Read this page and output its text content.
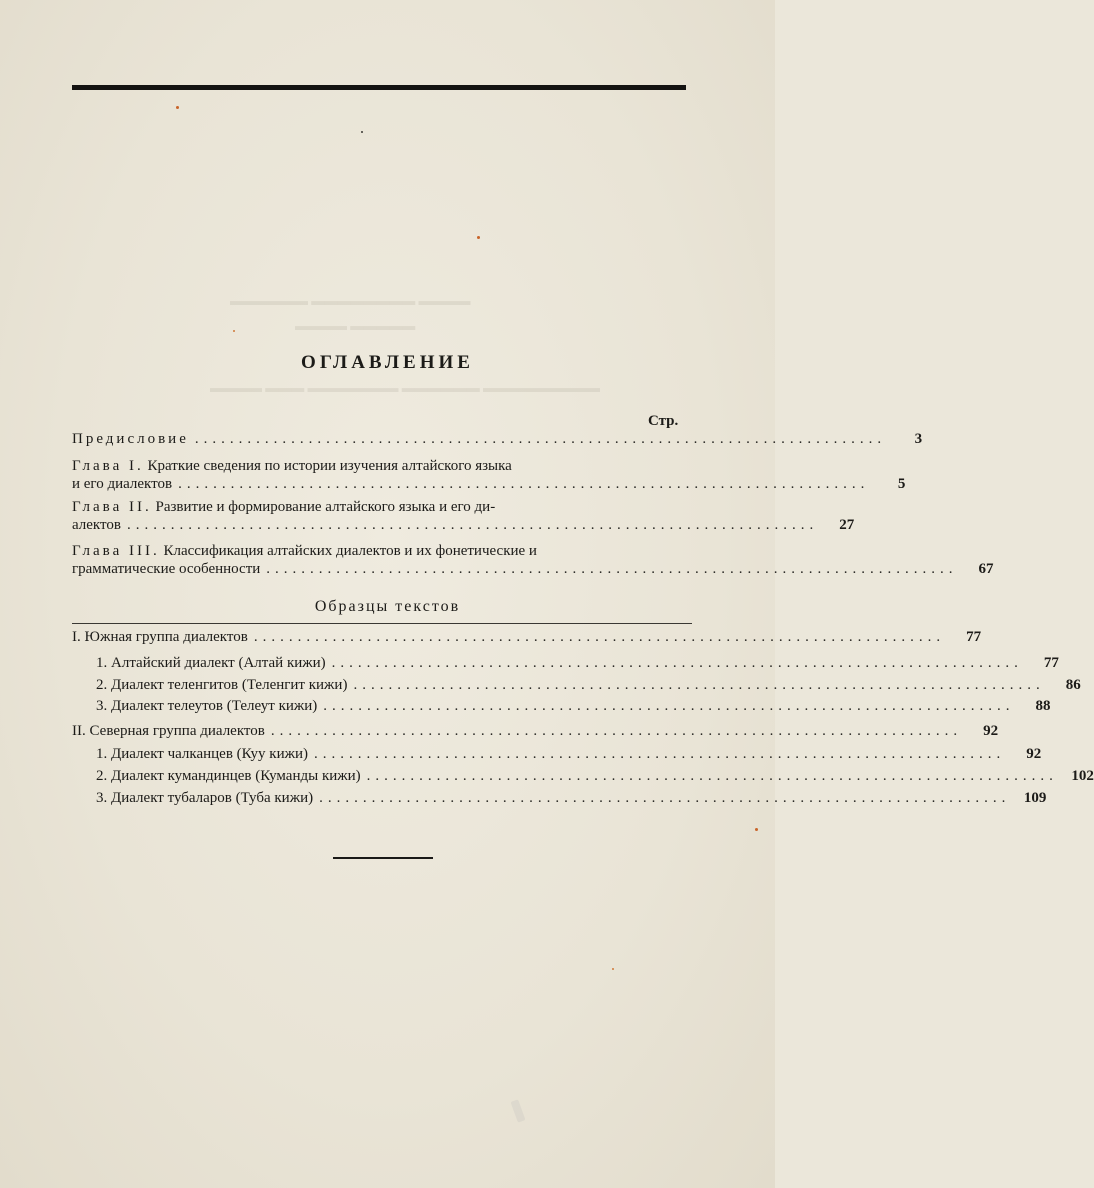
▬▬▬▬ ▬▬▬▬▬▬▬▬ ▬▬▬▬▬▬
▬▬▬▬▬ ▬▬▬▬
▬▬▬▬▬▬▬▬▬ ▬▬▬▬▬▬ ▬▬▬▬▬▬▬ ▬▬▬ ▬▬▬▬
ОГЛАВЛЕНИЕ
Стр.
Предисловие ...............................................................................	3
Глава I. Краткие сведения по истории изучения алтайского языка
и его диалектов ...............................................................................	5
Глава II. Развитие и формирование алтайского языка и его ди-
алектов ...............................................................................	27
Глава III. Классификация алтайских диалектов и их фонетические и
грамматические особенности ...............................................................................	67
Образцы текстов
I. Южная группа диалектов ...............................................................................	77
1. Алтайский диалект (Алтай кижи) ...............................................................................	77
2. Диалект теленгитов (Теленгит кижи) ...............................................................................	86
3. Диалект телеутов (Телеут кижи) ...............................................................................	88
II. Северная группа диалектов ...............................................................................	92
1. Диалект чалканцев (Куу кижи) ...............................................................................	92
2. Диалект кумандинцев (Куманды кижи) ............................................................................... 102
3. Диалект тубаларов (Туба кижи) ............................................................................... 109
